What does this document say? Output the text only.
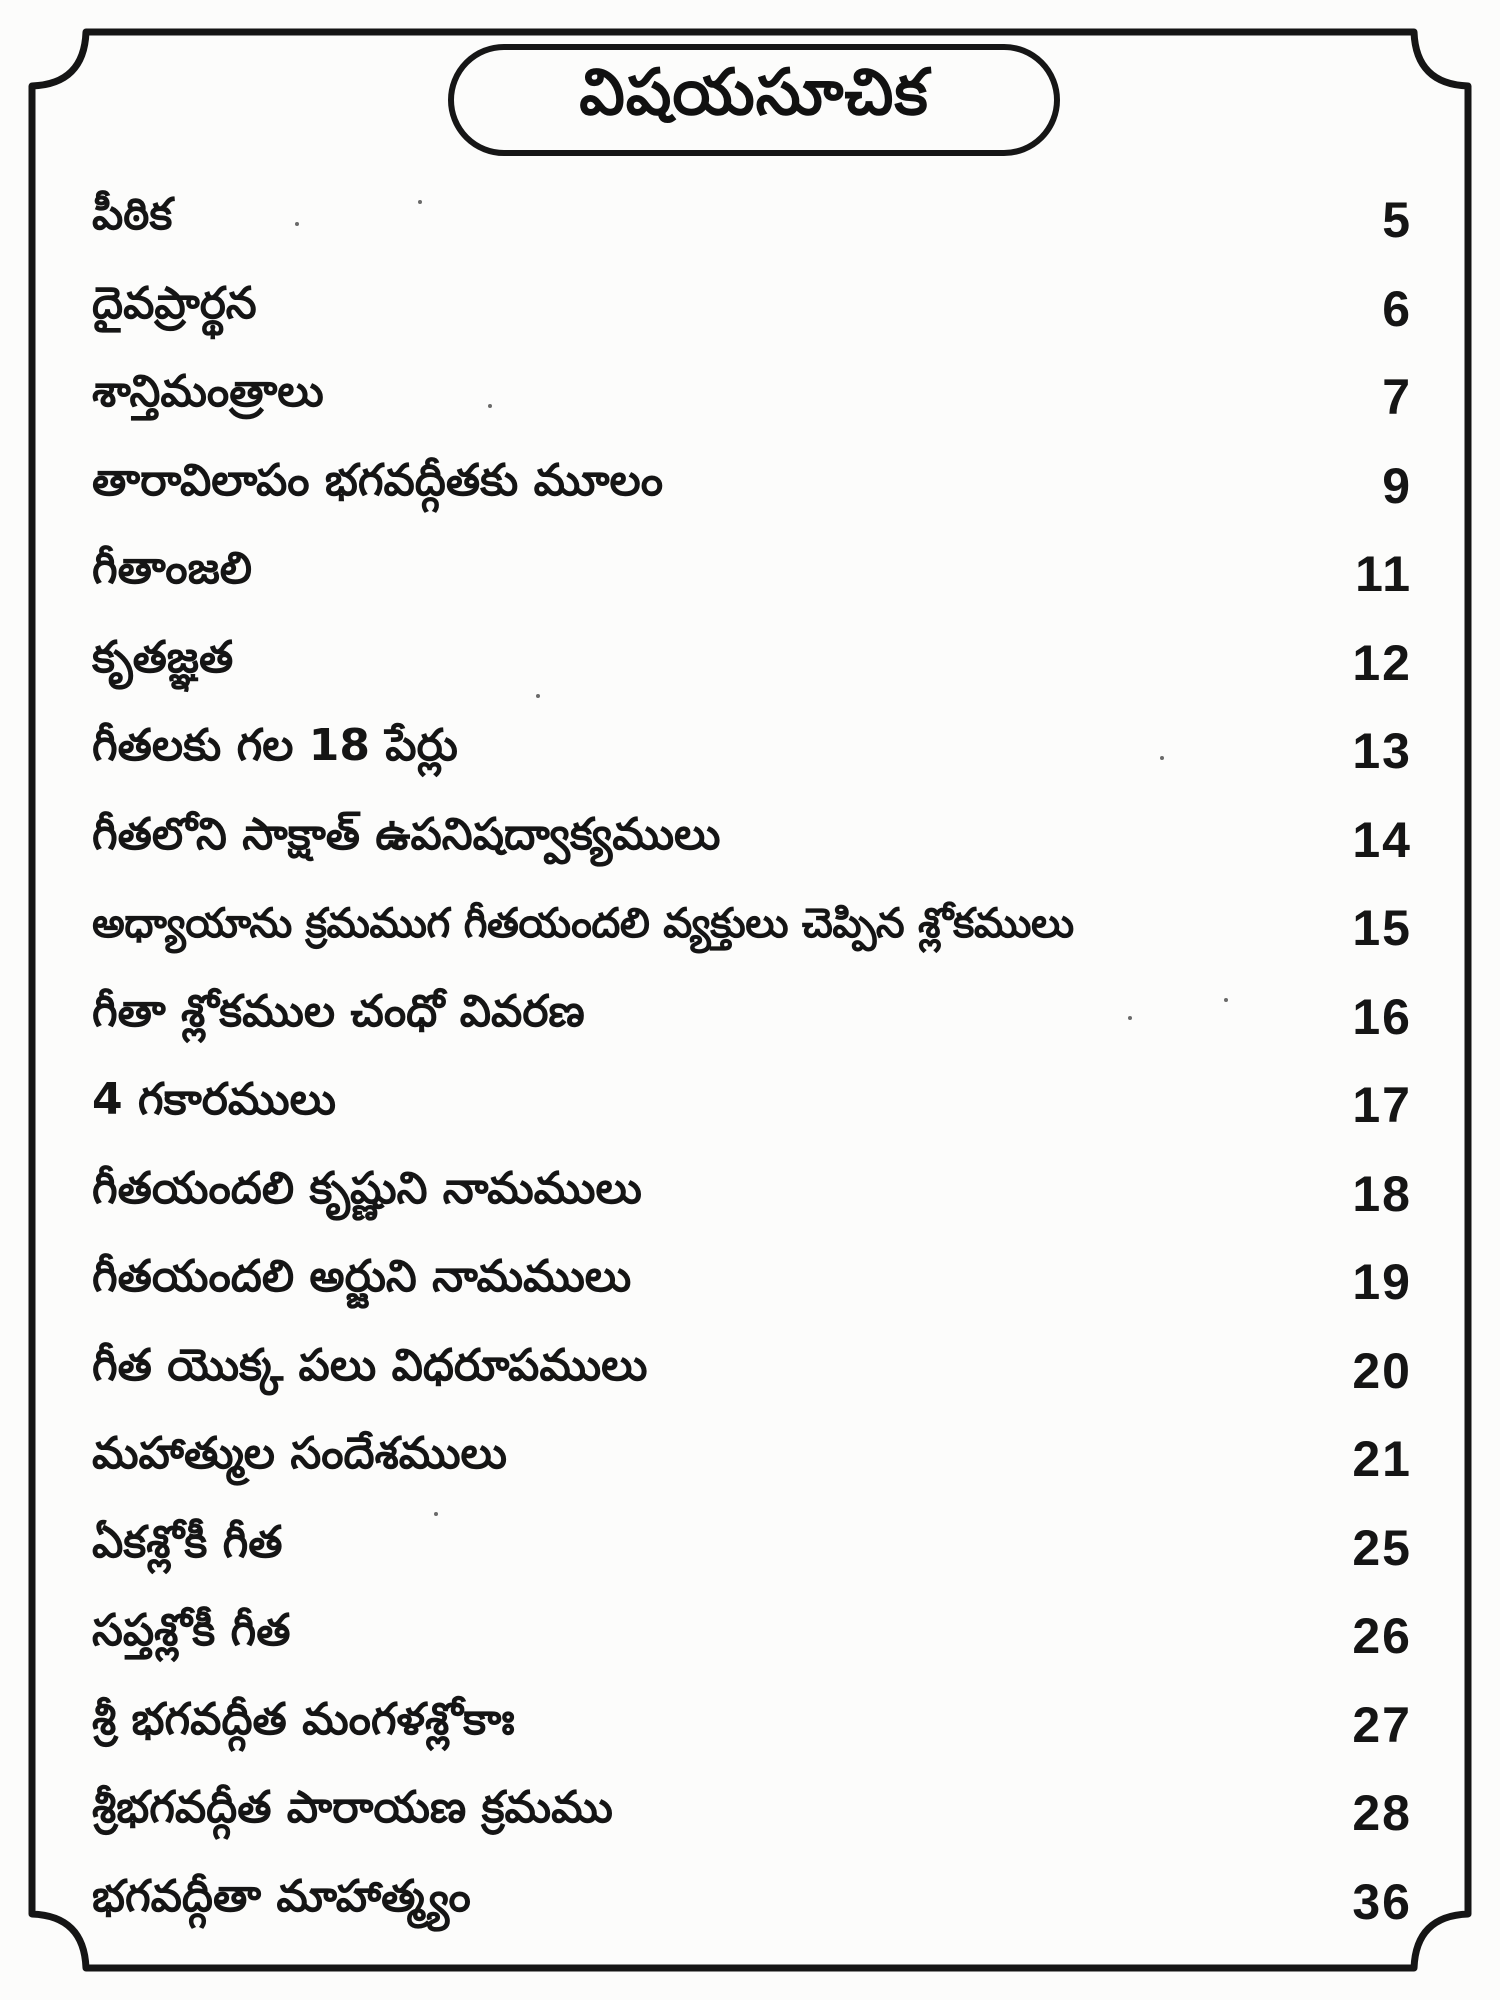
విషయసూచిక
పీఠిక	5
దైవప్రార్థన	6
శాన్తిమంత్రాలు	7
తారావిలాపం భగవద్గీతకు మూలం	9
గీతాంజలి	11
కృతజ్ఞత	12
గీతలకు గల 18 పేర్లు	13
గీతలోని సాక్షాత్ ఉపనిషద్వాక్యములు	14
అధ్యాయాను క్రమముగ గీతయందలి వ్యక్తులు చెప్పిన శ్లోకములు	15
గీతా శ్లోకముల చంధో వివరణ	16
4 గకారములు	17
గీతయందలి కృష్ణుని నామములు	18
గీతయందలి అర్జుని నామములు	19
గీత యొక్క పలు విధరూపములు	20
మహాత్ముల సందేశములు	21
ఏకశ్లోకీ గీత	25
సప్తశ్లోకీ గీత	26
శ్రీ భగవద్గీత మంగళశ్లోకాః	27
శ్రీభగవద్గీత పారాయణ క్రమము	28
భగవద్గీతా మాహాత్మ్యం	36
